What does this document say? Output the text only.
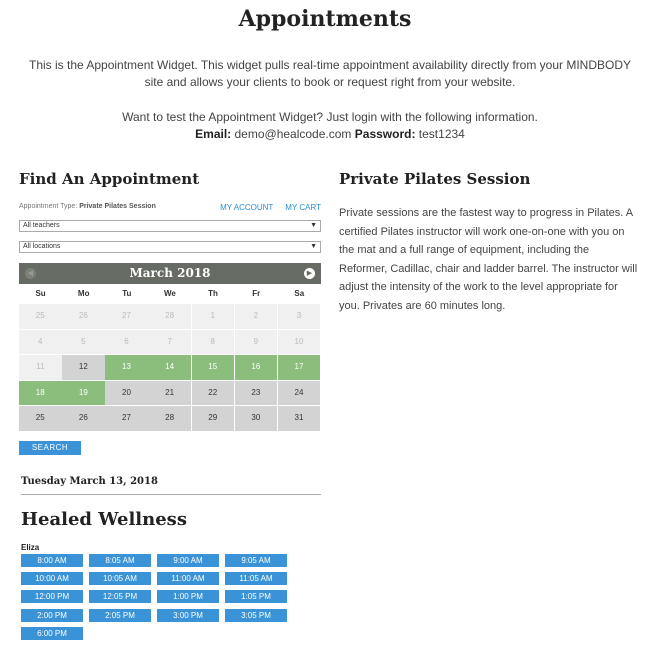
Appointments

This is the Appointment Widget. This widget pulls real-time appointment availability directly from your MINDBODY site and allows your clients to book or request right from your website.

Want to test the Appointment Widget? Just login with the following information.
Email: demo@healcode.com Password: test1234
Find An Appointment
Appointment Type: Private Pilates Session	MY ACCOUNT MY CART
All teachers	▼
All locations	▼
◀	March 2018	▶
Su	Mo	Tu	We	Th	Fr	Sa
25	26	27	28	1	2	3
4	5	6	7	8	9	10
11	12	13	14	15	16	17
18	19	20	21	22	23	24
25	26	27	28	29	30	31
SEARCH
Tuesday March 13, 2018
Healed Wellness
Eliza
8:00 AM	8:05 AM	9:00 AM	9:05 AM
10:00 AM	10:05 AM	11:00 AM	11:05 AM
12:00 PM	12:05 PM	1:00 PM	1:05 PM
2:00 PM	2:05 PM	3:00 PM	3:05 PM
6:00 PM
Private Pilates Session

Private sessions are the fastest way to progress in Pilates. A certified Pilates instructor will work one-on-one with you on the mat and a full range of equipment, including the Reformer, Cadillac, chair and ladder barrel. The instructor will adjust the intensity of the work to the level appropriate for you. Privates are 60 minutes long.
